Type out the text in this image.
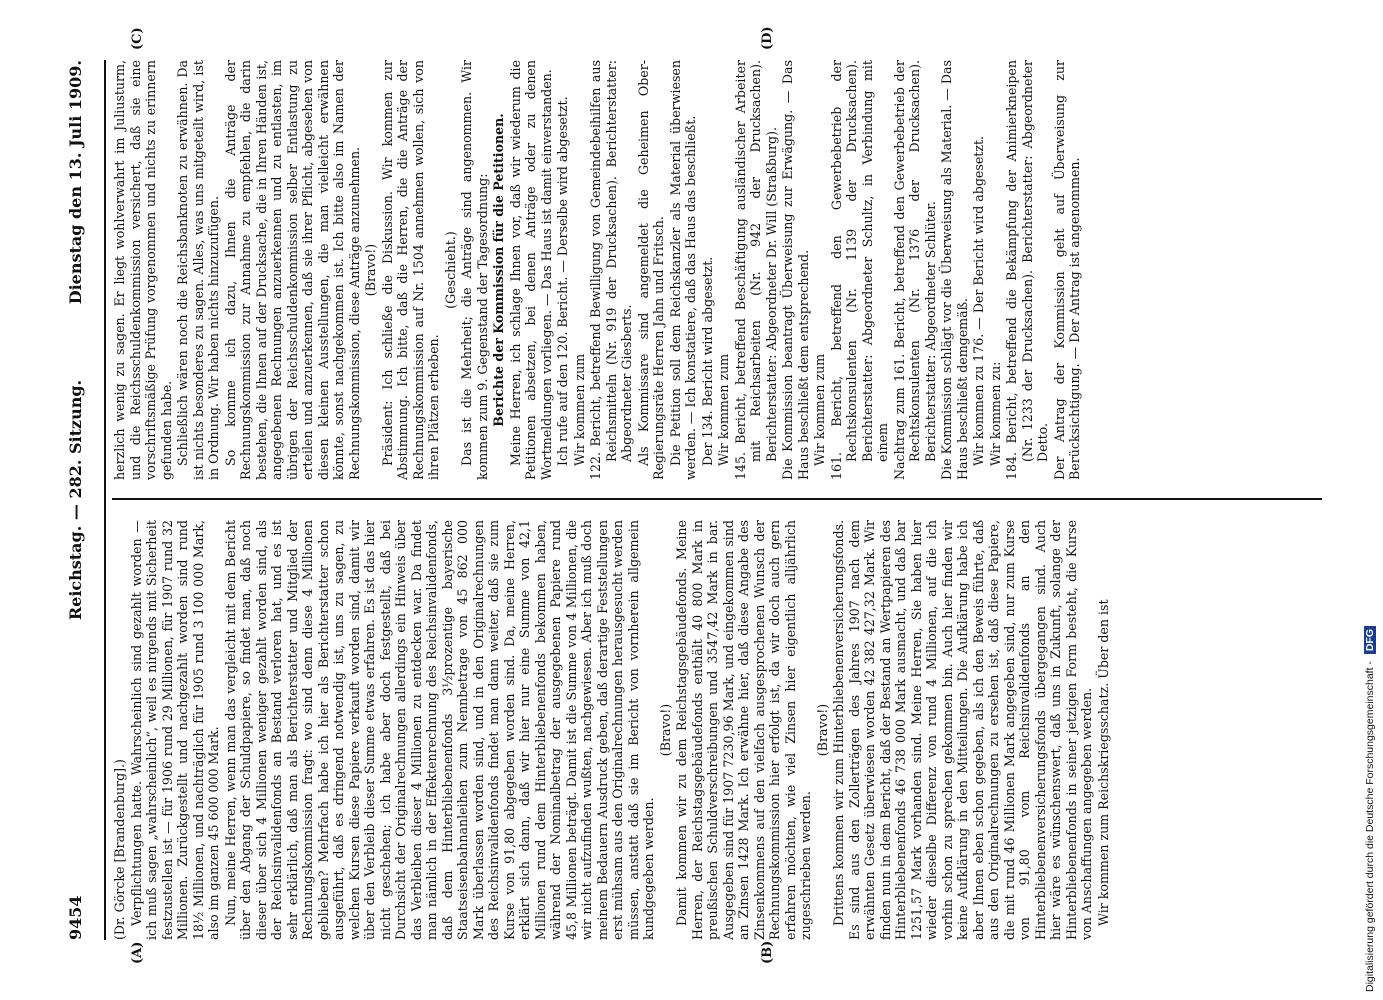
9454
Reichstag. — 282. Sitzung.
Dienstag den 13. Juli 1909.
(A)	(B)
(C)	(D)

(Dr. Görcke [Brandenburg].) Verpflichtungen hatte. Wahrscheinlich sind gezahlt worden — ich muß sagen „wahrscheinlich“, weil es nirgends mit Sicherheit festzustellen ist — für 1906 rund 29 Millionen, für 1907 rund 32 Millionen. Zurückgestellt und nachgezahlt worden sind rund 18½ Millionen, und nachträglich für 1905 rund 3 100 000 Mark, also im ganzen 45 600 000 Mark. Nun, meine Herren, wenn man das vergleicht mit dem Bericht über den Abgang der Schuldpapiere, so findet man, daß noch dieser über sich 4 Millionen weniger gezahlt worden sind, als der Reichsinvalidenfonds an Bestand verloren hat, und es ist sehr erklärlich, daß man als Berichterstatter und Mitglied der Rechnungskommission fragt: wo sind denn diese 4 Millionen geblieben? Mehrfach habe ich hier als Berichterstatter schon ausgeführt, daß es dringend notwendig ist, uns zu sagen, zu welchen Kursen diese Papiere verkauft worden sind, damit wir über den Verbleib dieser Summe etwas erfahren. Es ist das hier nicht geschehen; ich habe aber doch festgestellt, daß bei Durchsicht der Originalrechnungen allerdings ein Hinweis über das Verbleiben dieser 4 Millionen zu entdecken war. Da findet man nämlich in der Effektenrechnung des Reichsinvalidenfonds, daß dem Hinterbliebenenfonds 3½prozentige bayerische Staatseisenbahnanleihen zum Nennbetrage von 45 862 000 Mark überlassen worden sind, und in den Originalrechnungen des Reichsinvalidenfonds findet man dann weiter, daß sie zum Kurse von 91,80 abgegeben worden sind. Da, meine Herren, erklärt sich dann, daß wir hier nur eine Summe von 42,1 Millionen rund dem Hinterbliebenenfonds bekommen haben, während der Nominalbetrag der ausgegebenen Papiere rund 45,8 Millionen beträgt. Damit ist die Summe von 4 Millionen, die wir nicht aufzufinden wußten, nachgewiesen. Aber ich muß doch meinem Bedauern Ausdruck geben, daß derartige Feststellungen erst mühsam aus den Originalrechnungen herausgesucht werden müssen, anstatt daß sie im Bericht von vornherein allgemein kundgegeben werden.

(Bravo!) Damit kommen wir zu dem Reichstagsgebäudefonds. Meine Herren, der Reichstagsgebäudefonds enthält 40 800 Mark in preußischen Schuldverschreibungen und 3547,42 Mark in bar. Ausgegeben sind für 1907 7230,96 Mark, und eingekommen sind an Zinsen 1428 Mark. Ich erwähne hier, daß diese Angabe des Zinsenkommens auf den vielfach ausgesprochenen Wunsch der Rechnungskommission hier erfolgt ist, da wir doch auch gern erfahren möchten, wie viel Zinsen hier eigentlich alljährlich zugeschrieben werden.

(Bravo!) Drittens kommen wir zum Hinterbliebenenversicherungsfonds. Es sind aus den Zollerträgen des Jahres 1907 nach dem erwähnten Gesetz überwiesen worden 42 382 427,32 Mark. Wir finden nun in dem Bericht, daß der Bestand an Wertpapieren des Hinterbliebenenfonds 46 738 000 Mark ausmacht, und daß bar 1251,57 Mark vorhanden sind. Meine Herren, Sie haben hier wieder dieselbe Differenz von rund 4 Millionen, auf die ich vorhin schon zu sprechen gekommen bin. Auch hier finden wir keine Aufklärung in den Mitteilungen. Die Aufklärung habe ich aber Ihnen eben schon gegeben, als ich den Beweis führte, daß aus den Originalrechnungen zu ersehen ist, daß diese Papiere, die mit rund 46 Millionen Mark angegeben sind, nur zum Kurse von 91,80 vom Reichsinvalidenfonds an den Hinterbliebenenversicherungsfonds übergegangen sind. Auch hier wäre es wünschenswert, daß uns in Zukunft, solange der Hinterbliebenenfonds in seiner jetzigen Form besteht, die Kurse von Anschaffungen angegeben werden. Wir kommen zum Reichskriegsschatz. Über den ist

herzlich wenig zu sagen. Er liegt wohlverwahrt im Juliusturm, und die Reichsschuldenkommission versichert, daß sie eine vorschriftsmäßige Prüfung vorgenommen und nichts zu erinnern gefunden habe. Schließlich wären noch die Reichsbanknoten zu erwähnen. Da ist nichts besonderes zu sagen. Alles, was uns mitgeteilt wird, ist in Ordnung. Wir haben nichts hinzuzufügen. So komme ich dazu, Ihnen die Anträge der Rechnungskommission zur Annahme zu empfehlen, die darin bestehen, die Ihnen auf der Drucksache, die in Ihren Händen ist, angegebenen Rechnungen anzuerkennen und zu entlasten, im übrigen der Reichsschuldenkommission selber Entlastung zu erteilen und anzuerkennen, daß sie ihrer Pflicht, abgesehen von diesen kleinen Ausstellungen, die man vielleicht erwähnen könnte, sonst nachgekommen ist. Ich bitte also im Namen der Rechnungskommission, diese Anträge anzunehmen. (Bravo!) Präsident: Ich schließe die Diskussion. Wir kommen zur Abstimmung. Ich bitte, daß die Herren, die die Anträge der Rechnungskommission auf Nr. 1504 annehmen wollen, sich von ihren Plätzen erheben.

(Geschieht.) Das ist die Mehrheit; die Anträge sind angenommen. Wir kommen zum 9. Gegenstand der Tagesordnung: Berichte der Kommission für die Petitionen. Meine Herren, ich schlage Ihnen vor, daß wir wiederum die Petitionen absetzen, bei denen Anträge oder zu denen Wortmeldungen vorliegen. — Das Haus ist damit einverstanden. Ich rufe auf den 120. Bericht. — Derselbe wird abgesetzt. Wir kommen zum 122. Bericht, betreffend Bewilligung von Gemeindebeihilfen aus Reichsmitteln (Nr. 919 der Drucksachen). Berichterstatter: Abgeordneter Giesberts. Als Kommissare sind angemeldet die Geheimen Ober-Regierungsräte Herren Jahn und Fritsch. Die Petition soll dem Reichskanzler als Material überwiesen werden. — Ich konstatiere, daß das Haus das beschließt. Der 134. Bericht wird abgesetzt. Wir kommen zum 145. Bericht, betreffend Beschäftigung ausländischer Arbeiter mit Reichsarbeiten (Nr. 942 der Drucksachen). Berichterstatter: Abgeordneter Dr. Will (Straßburg). Die Kommission beantragt Überweisung zur Erwägung. — Das Haus beschließt dem entsprechend. Wir kommen zum 161. Bericht, betreffend den Gewerbebetrieb der Rechtskonsulenten (Nr. 1139 der Drucksachen). Berichterstatter: Abgeordneter Schultz, in Verbindung mit einem Nachtrag zum 161. Bericht, betreffend den Gewerbebetrieb der Rechtskonsulenten (Nr. 1376 der Drucksachen). Berichterstatter: Abgeordneter Schlüter. Die Kommission schlägt vor die Überweisung als Material. — Das Haus beschließt demgemäß. Wir kommen zu 176. — Der Bericht wird abgesetzt. Wir kommen zu: 184. Bericht, betreffend die Bekämpfung der Animierkneipen (Nr. 1233 der Drucksachen). Berichterstatter: Abgeordneter Detto. Der Antrag der Kommission geht auf Überweisung zur Berücksichtigung. — Der Antrag ist angenommen.

Digitalisierung gefördert durch die Deutsche Forschungsgemeinschaft - DFG
